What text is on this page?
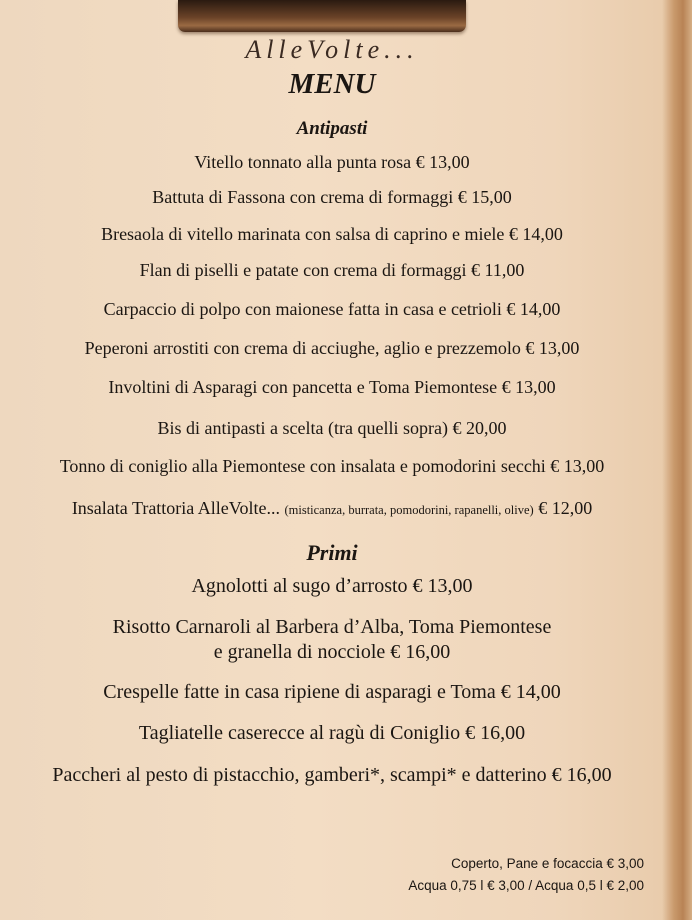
AlleVolte...
MENU
Antipasti
Vitello tonnato alla punta rosa € 13,00
Battuta di Fassona con crema di formaggi € 15,00
Bresaola di vitello marinata con salsa di caprino e miele € 14,00
Flan di piselli e patate con crema di formaggi € 11,00
Carpaccio di polpo con maionese fatta in casa e cetrioli € 14,00
Peperoni arrostiti con crema di acciughe, aglio e prezzemolo € 13,00
Involtini di Asparagi con pancetta e Toma Piemontese € 13,00
Bis di antipasti a scelta (tra quelli sopra) € 20,00
Tonno di coniglio alla Piemontese con insalata e pomodorini secchi € 13,00
Insalata Trattoria AlleVolte... (misticanza, burrata, pomodorini, rapanelli, olive) € 12,00
Primi
Agnolotti al sugo d’arrosto € 13,00
Risotto Carnaroli al Barbera d’Alba, Toma Piemontese
e granella di nocciole € 16,00
Crespelle fatte in casa ripiene di asparagi e Toma € 14,00
Tagliatelle caserecce al ragù di Coniglio € 16,00
Paccheri al pesto di pistacchio, gamberi*, scampi* e datterino € 16,00
Coperto, Pane e focaccia € 3,00
Acqua 0,75 l € 3,00 / Acqua 0,5 l € 2,00
